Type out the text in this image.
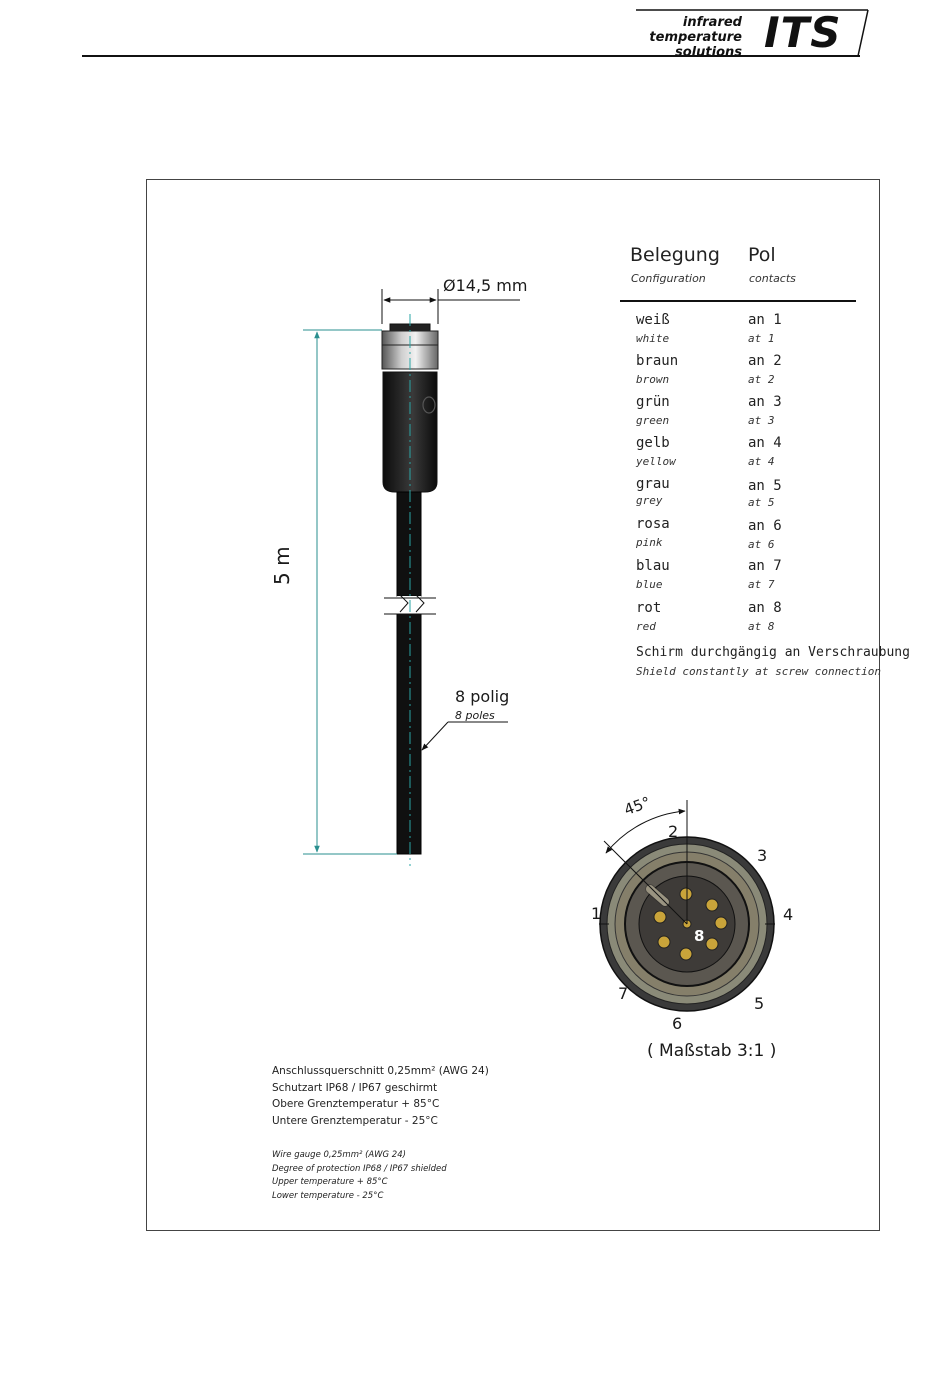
infrared
temperature
solutions ITS
Ø14,5 mm
5 m
8 polig
8 poles
Belegung Pol
Configuration	contacts
weiß
white
an 1
at 1
braun
brown
an 2
at 2
grün
green
an 3
at 3
gelb
yellow
an 4
at 4
grau
grey
an 5
at 5
rosa
pink
an 6
at 6
blau
blue
an 7
at 7
rot
red
an 8
at 8
Schirm durchgängig an Verschraubung
Shield constantly at screw connection
45°
1
2
3
4
5
6
7
8
( Maßstab 3:1 )
Anschlussquerschnitt 0,25mm² (AWG 24)
Schutzart IP68 / IP67 geschirmt
Obere Grenztemperatur + 85°C
Untere Grenztemperatur - 25°C
Wire gauge 0,25mm² (AWG 24)
Degree of protection IP68 / IP67 shielded
Upper temperature + 85°C
Lower temperature - 25°C
